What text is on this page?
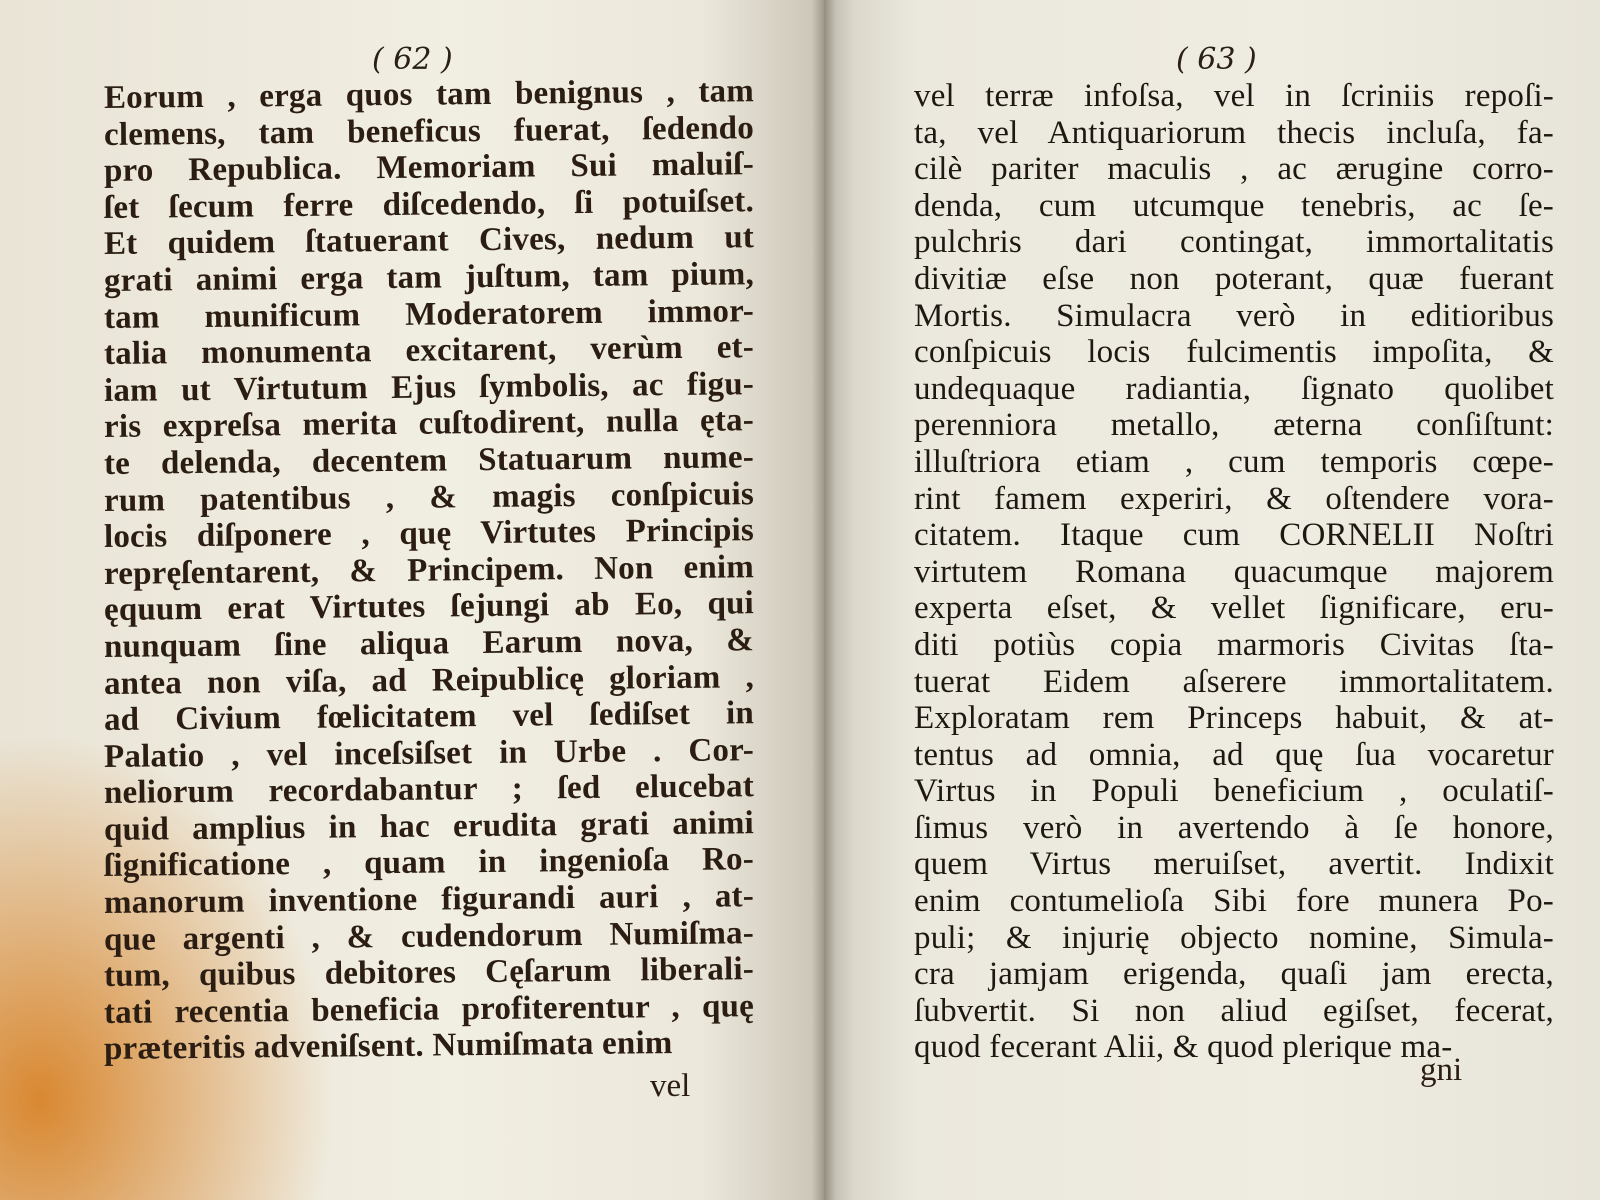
( 62 )
Eorum , erga quos tam benignus , tam
clemens, tam beneficus fuerat, ſedendo
pro Republica. Memoriam Sui maluiſ-
ſet ſecum ferre diſcedendo, ſi potuiſset.
Et quidem ſtatuerant Cives, nedum ut
grati animi erga tam juſtum, tam pium,
tam munificum Moderatorem immor-
talia monumenta excitarent, verùm et-
iam ut Virtutum Ejus ſymbolis, ac figu-
ris expreſsa merita cuſtodirent, nulla ęta-
te delenda, decentem Statuarum nume-
rum patentibus , & magis conſpicuis
locis diſponere , quę Virtutes Principis
repręſentarent, & Principem. Non enim
ęquum erat Virtutes ſejungi ab Eo, qui
nunquam ſine aliqua Earum nova, &
antea non viſa, ad Reipublicę gloriam ,
ad Civium fœlicitatem vel ſediſset in
Palatio , vel inceſsiſset in Urbe . Cor-
neliorum recordabantur ; ſed elucebat
quid amplius in hac erudita grati animi
ſignificatione , quam in ingenioſa Ro-
manorum inventione figurandi auri , at-
que argenti , & cudendorum Numiſma-
tum, quibus debitores Cęſarum liberali-
tati recentia beneficia profiterentur , quę
præteritis adveniſsent. Numiſmata enim
vel
( 63 )
vel terræ infoſsa, vel in ſcriniis repoſi-
ta, vel Antiquariorum thecis incluſa, fa-
cilè pariter maculis , ac ærugine corro-
denda, cum utcumque tenebris, ac ſe-
pulchris dari contingat, immortalitatis
divitiæ eſse non poterant, quæ fuerant
Mortis. Simulacra verò in editioribus
conſpicuis locis fulcimentis impoſita, &
undequaque radiantia, ſignato quolibet
perenniora metallo, æterna conſiſtunt:
illuſtriora etiam , cum temporis cœpe-
rint famem experiri, & oſtendere vora-
citatem. Itaque cum CORNELII Noſtri
virtutem Romana quacumque majorem
experta eſset, & vellet ſignificare, eru-
diti potiùs copia marmoris Civitas ſta-
tuerat Eidem aſserere immortalitatem.
Exploratam rem Princeps habuit, & at-
tentus ad omnia, ad quę ſua vocaretur
Virtus in Populi beneficium , oculatiſ-
ſimus verò in avertendo à ſe honore,
quem Virtus meruiſset, avertit. Indixit
enim contumelioſa Sibi fore munera Po-
puli; & injurię objecto nomine, Simula-
cra jamjam erigenda, quaſi jam erecta,
ſubvertit. Si non aliud egiſset, fecerat,
quod fecerant Alii, & quod plerique ma-
gni
